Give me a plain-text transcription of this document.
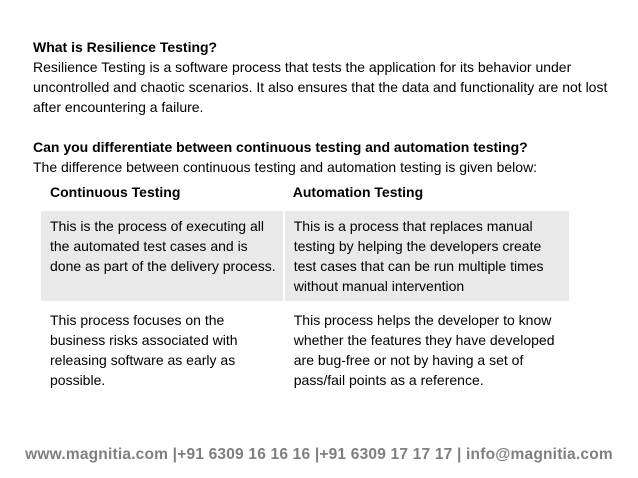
What is Resilience Testing?
Resilience Testing is a software process that tests the application for its behavior under uncontrolled and chaotic scenarios. It also ensures that the data and functionality are not lost after encountering a failure.
Can you differentiate between continuous testing and automation testing?
The difference between continuous testing and automation testing is given below:
Continuous Testing	Automation Testing
This is the process of executing all the automated test cases and is done as part of the delivery process.	This is a process that replaces manual testing by helping the developers create test cases that can be run multiple times without manual intervention
This process focuses on the business risks associated with releasing software as early as possible.	This process helps the developer to know whether the features they have developed are bug-free or not by having a set of pass/fail points as a reference.
www.magnitia.com |+91 6309 16 16 16 |+91 6309 17 17 17 | info@magnitia.com
